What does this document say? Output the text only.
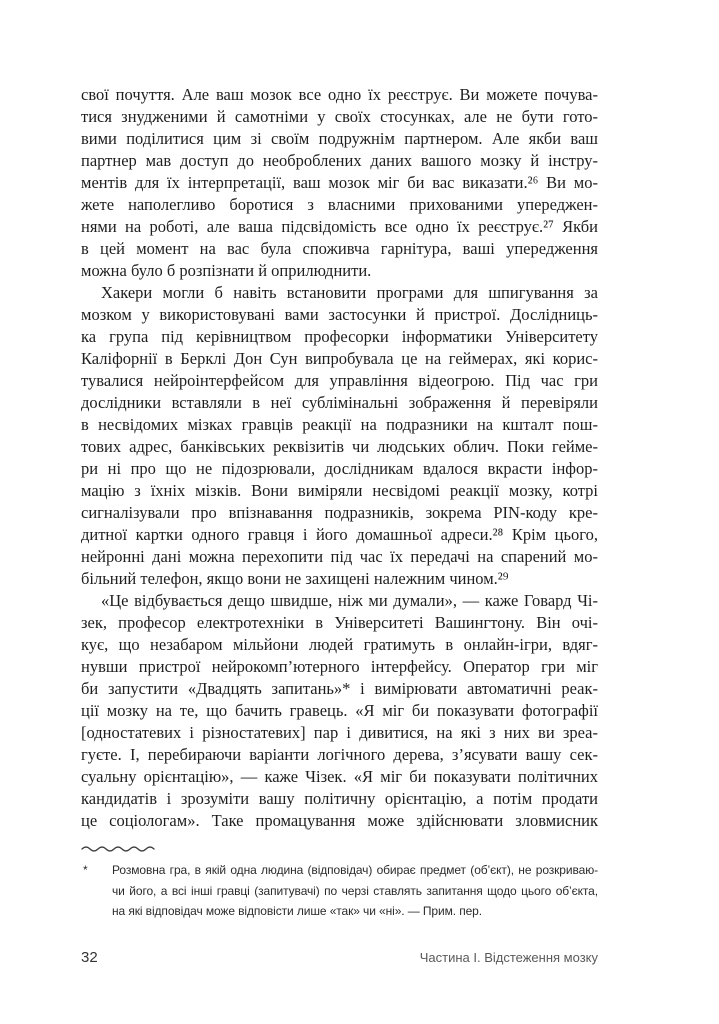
свої почуття. Але ваш мозок все одно їх реєструє. Ви можете почува-
тися знудженими й самотніми у своїх стосунках, але не бути гото-
вими поділитися цим зі своїм подружнім партнером. Але якби ваш
партнер мав доступ до необроблених даних вашого мозку й інстру-
ментів для їх інтерпретації, ваш мозок міг би вас виказати.²⁶ Ви мо-
жете наполегливо боротися з власними прихованими упереджен-
нями на роботі, але ваша підсвідомість все одно їх реєструє.²⁷ Якби
в цей момент на вас була споживча гарнітура, ваші упередження
можна було б розпізнати й оприлюднити.
Хакери могли б навіть встановити програми для шпигування за
мозком у використовувані вами застосунки й пристрої. Дослідниць-
ка група під керівництвом професорки інформатики Університету
Каліфорнії в Берклі Дон Сун випробувала це на геймерах, які корис-
тувалися нейроінтерфейсом для управління відеогрою. Під час гри
дослідники вставляли в неї сублімінальні зображення й перевіряли
в несвідомих мізках гравців реакції на подразники на кшталт пош-
тових адрес, банківських реквізитів чи людських облич. Поки гейме-
ри ні про що не підозрювали, дослідникам вдалося вкрасти інфор-
мацію з їхніх мізків. Вони виміряли несвідомі реакції мозку, котрі
сигналізували про впізнавання подразників, зокрема PIN-коду кре-
дитної картки одного гравця і його домашньої адреси.²⁸ Крім цього,
нейронні дані можна перехопити під час їх передачі на спарений мо-
більний телефон, якщо вони не захищені належним чином.²⁹
«Це відбувається дещо швидше, ніж ми думали», — каже Говард Чі-
зек, професор електротехніки в Університеті Вашингтону. Він очі-
кує, що незабаром мільйони людей гратимуть в онлайн-ігри, вдяг-
нувши пристрої нейрокомп’ютерного інтерфейсу. Оператор гри міг
би запустити «Двадцять запитань»* і вимірювати автоматичні реак-
ції мозку на те, що бачить гравець. «Я міг би показувати фотографії
[одностатевих і різностатевих] пар і дивитися, на які з них ви зреа-
гуєте. І, перебираючи варіанти логічного дерева, з’ясувати вашу сек-
суальну орієнтацію», — каже Чізек. «Я міг би показувати політичних
кандидатів і зрозуміти вашу політичну орієнтацію, а потім продати
це соціологам». Таке промацування може здійснювати зловмисник
* Розмовна гра, в якій одна людина (відповідач) обирає предмет (об’єкт), не розкриваю-
чи його, а всі інші гравці (запитувачі) по черзі ставлять запитання щодо цього об’єкта,
на які відповідач може відповісти лише «так» чи «ні». — Прим. пер.
32	Частина I. Відстеження мозку
